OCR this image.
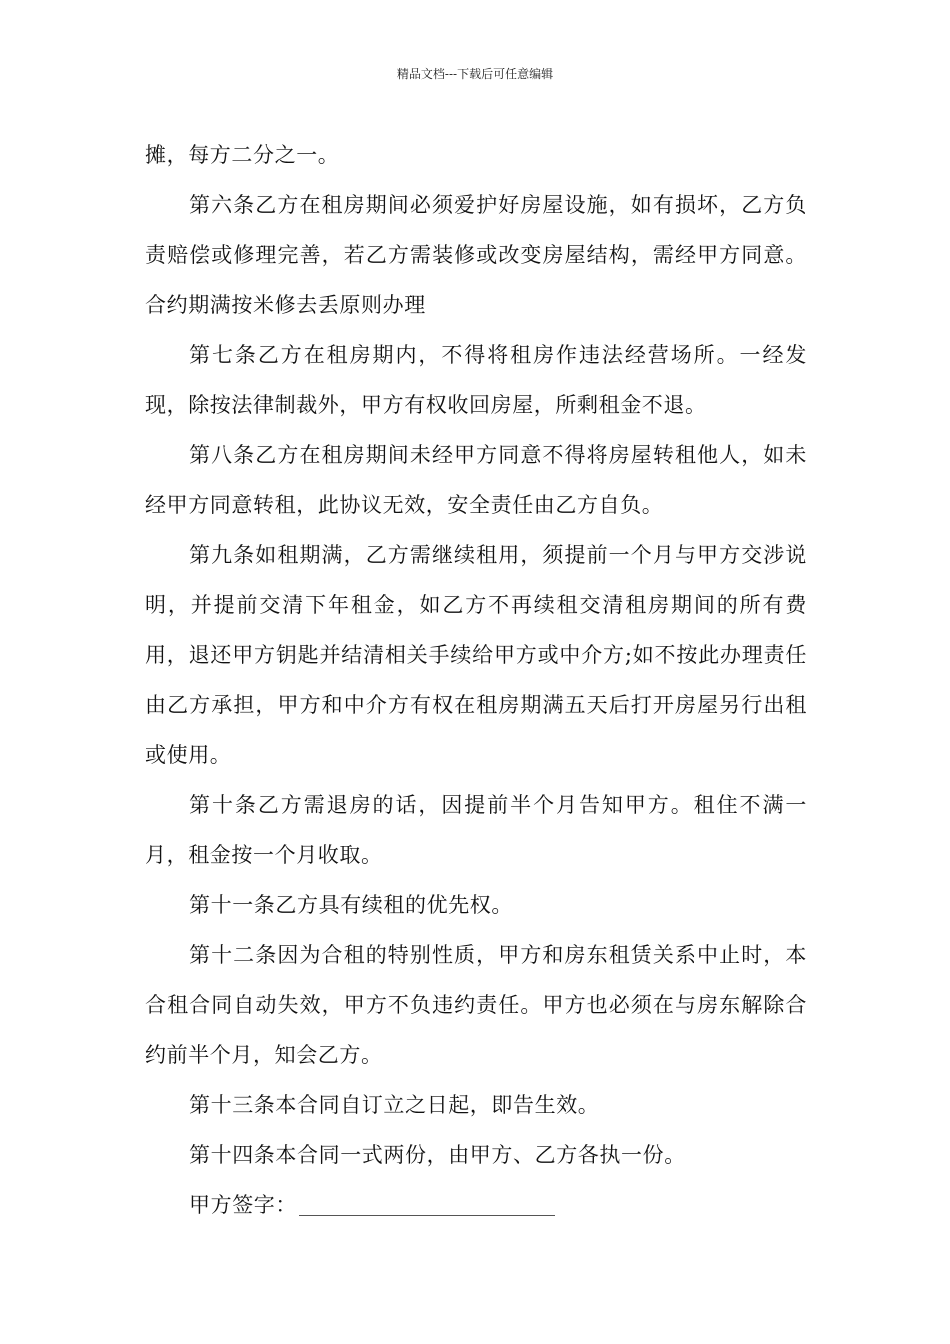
精品文档---下载后可任意编辑

摊，每方二分之一。

第六条乙方在租房期间必须爱护好房屋设施，如有损坏，乙方负责赔偿或修理完善，若乙方需装修或改变房屋结构，需经甲方同意。合约期满按米修去丢原则办理

第七条乙方在租房期内，不得将租房作违法经营场所。一经发现，除按法律制裁外，甲方有权收回房屋，所剩租金不退。

第八条乙方在租房期间未经甲方同意不得将房屋转租他人，如未经甲方同意转租，此协议无效，安全责任由乙方自负。

第九条如租期满，乙方需继续租用，须提前一个月与甲方交涉说明，并提前交清下年租金，如乙方不再续租交清租房期间的所有费用，退还甲方钥匙并结清相关手续给甲方或中介方;如不按此办理责任由乙方承担，甲方和中介方有权在租房期满五天后打开房屋另行出租或使用。

第十条乙方需退房的话，因提前半个月告知甲方。租住不满一月，租金按一个月收取。

第十一条乙方具有续租的优先权。

第十二条因为合租的特别性质，甲方和房东租赁关系中止时，本合租合同自动失效，甲方不负违约责任。甲方也必须在与房东解除合约前半个月，知会乙方。

第十三条本合同自订立之日起，即告生效。

第十四条本合同一式两份，由甲方、乙方各执一份。

甲方签字：
